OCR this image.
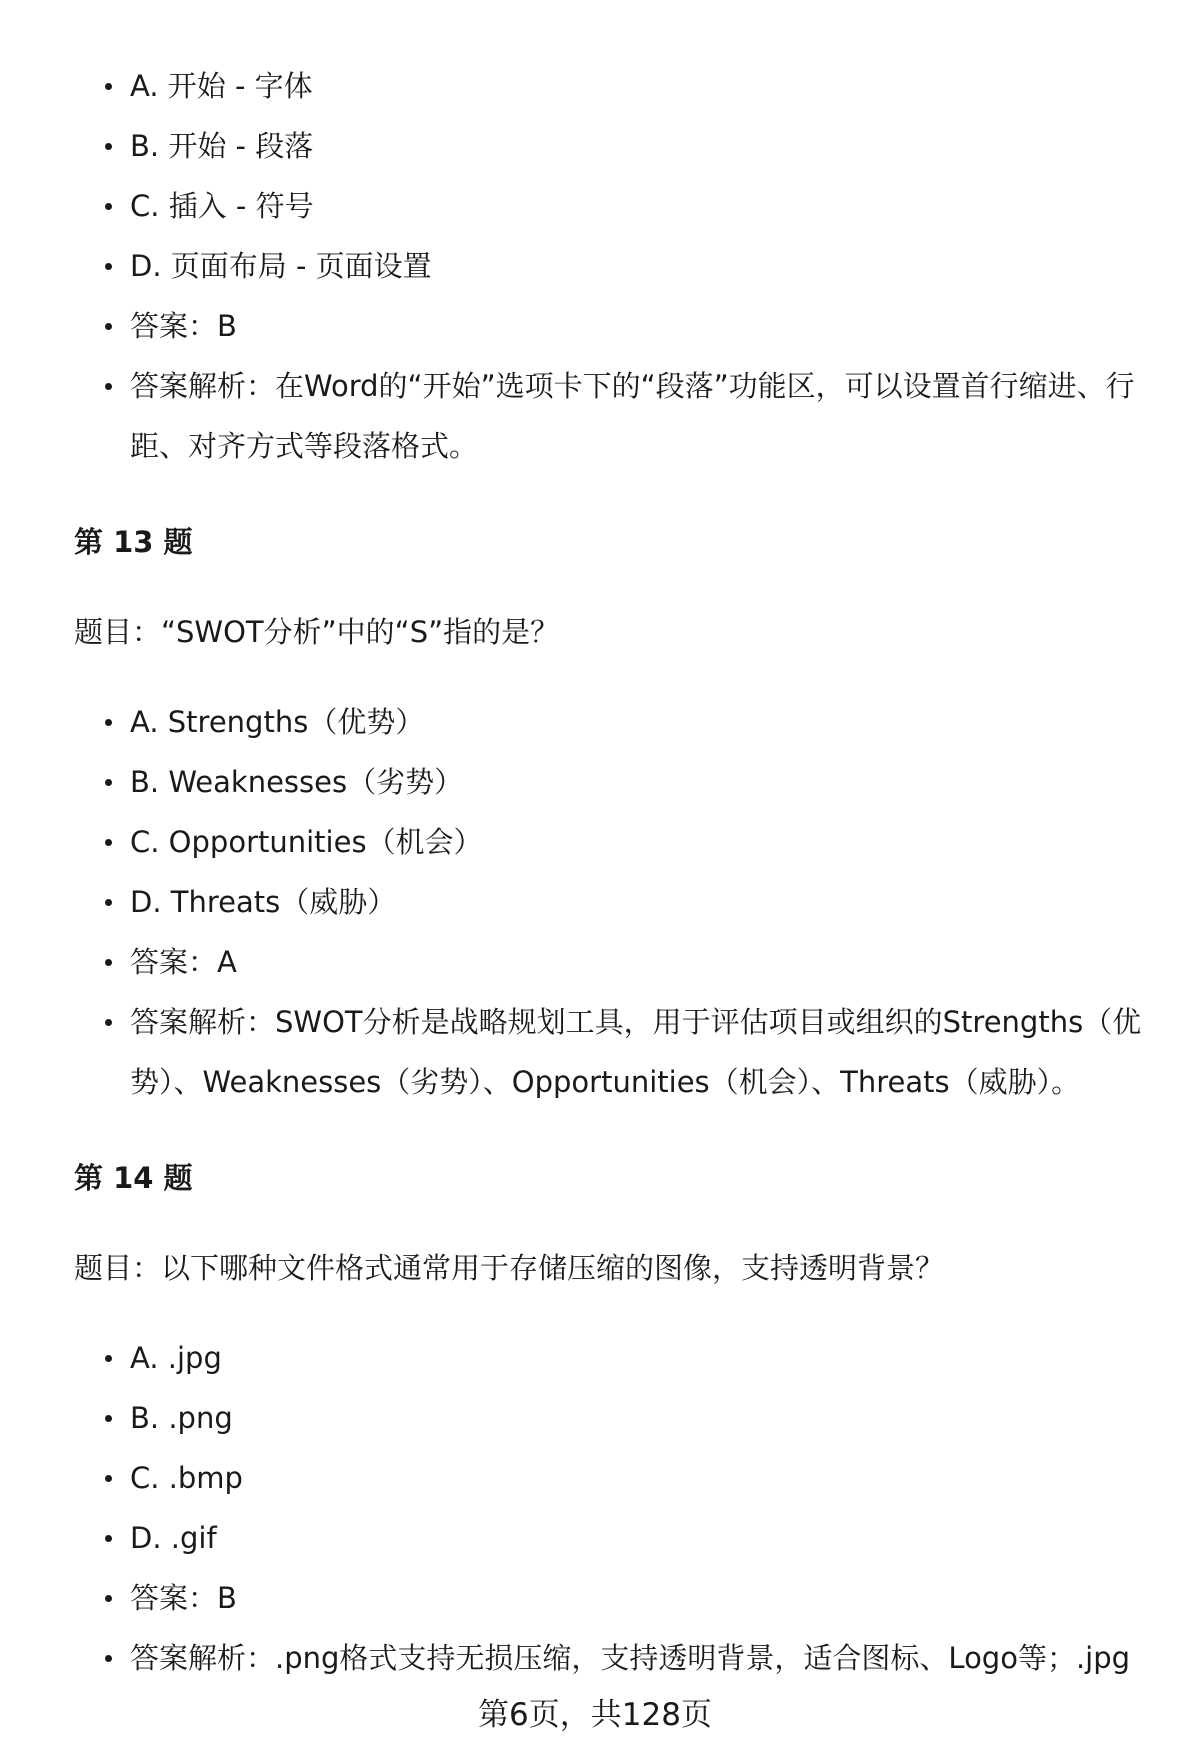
A. 开始 - 字体
B. 开始 - 段落
C. 插入 - 符号
D. 页面布局 - 页面设置
答案：B
答案解析：在Word的“开始”选项卡下的“段落”功能区，可以设置首行缩进、行距、对齐方式等段落格式。
第 13 题
题目：“SWOT分析”中的“S”指的是？
A. Strengths（优势）
B. Weaknesses（劣势）
C. Opportunities（机会）
D. Threats（威胁）
答案：A
答案解析：SWOT分析是战略规划工具，用于评估项目或组织的Strengths（优势）、Weaknesses（劣势）、Opportunities（机会）、Threats（威胁）。
第 14 题
题目：以下哪种文件格式通常用于存储压缩的图像，支持透明背景？
A. .jpg
B. .png
C. .bmp
D. .gif
答案：B
答案解析：.png格式支持无损压缩，支持透明背景，适合图标、Logo等；.jpg
第6页，共128页
